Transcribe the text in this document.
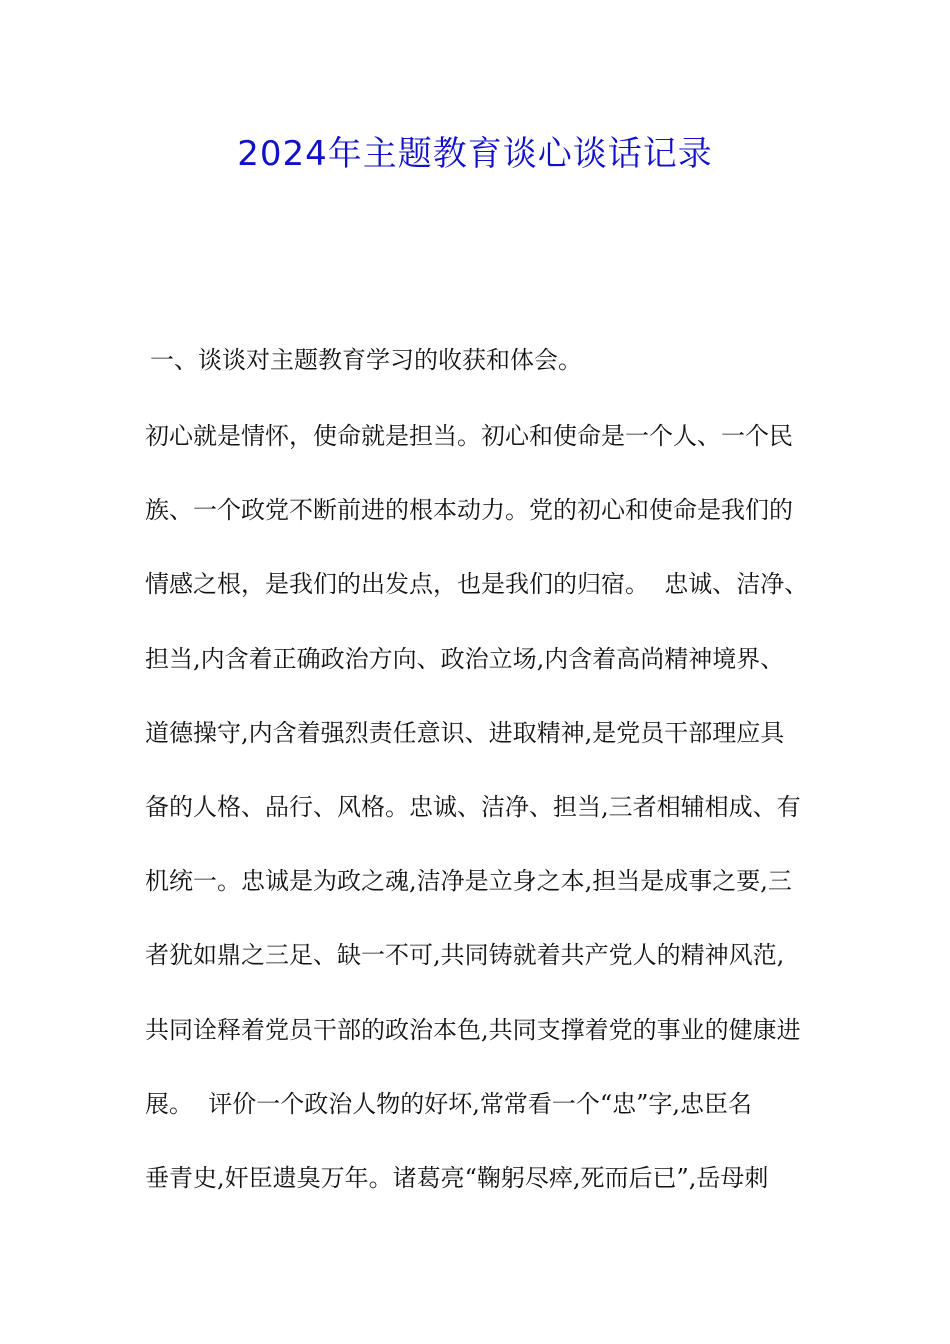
2024年主题教育谈心谈话记录

一、谈谈对主题教育学习的收获和体会。

初心就是情怀，使命就是担当。初心和使命是一个人、一个民
族、一个政党不断前进的根本动力。党的初心和使命是我们的
情感之根，是我们的出发点，也是我们的归宿。  忠诚、洁净、
担当,内含着正确政治方向、政治立场,内含着高尚精神境界、
道德操守,内含着强烈责任意识、进取精神,是党员干部理应具
备的人格、品行、风格。忠诚、洁净、担当,三者相辅相成、有
机统一。忠诚是为政之魂,洁净是立身之本,担当是成事之要,三
者犹如鼎之三足、缺一不可,共同铸就着共产党人的精神风范,
共同诠释着党员干部的政治本色,共同支撑着党的事业的健康进
展。  评价一个政治人物的好坏,常常看一个“忠”字,忠臣名
垂青史,奸臣遗臭万年。诸葛亮“鞠躬尽瘁,死而后已”,岳母刺
